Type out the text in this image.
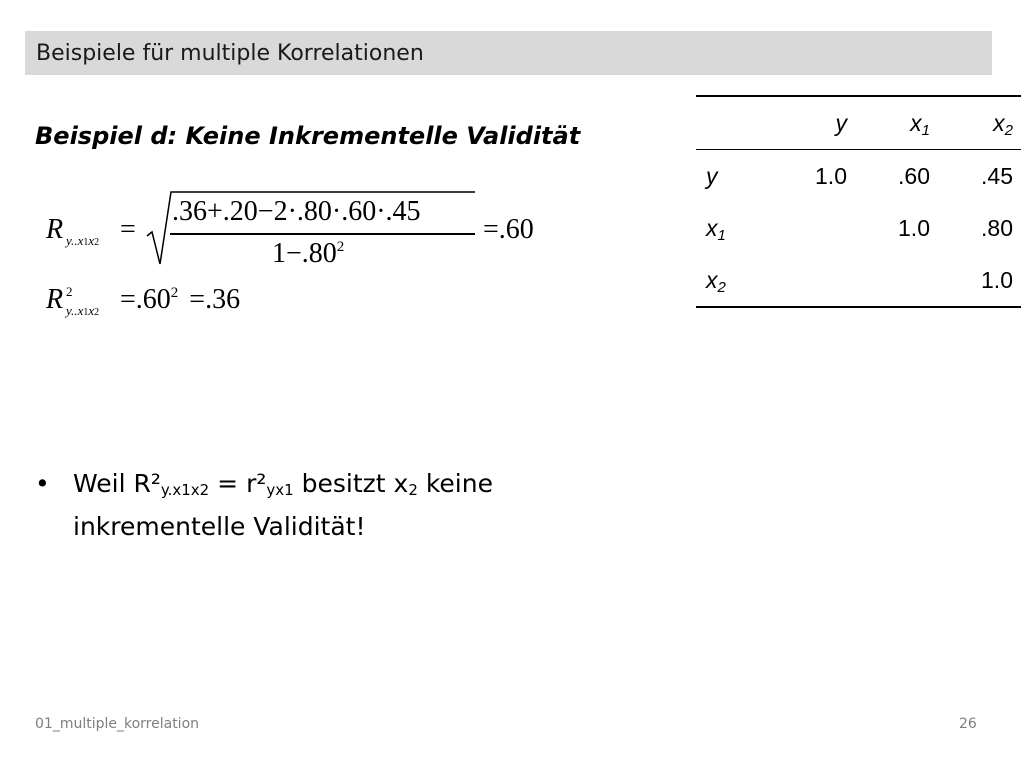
Beispiele für multiple Korrelationen
Beispiel d: Keine Inkrementelle Validität
R y..x1x2 =
.36+.20−2·.80·.60·.45
$1-.80^2$
=.60
R 2
$y..x1x2 =.60^2 =.36$
	y	$x_1$	$x_2$
y	1.0	.60	.45
$x_1$		1.0	.80
$x_2$			1.0
• Weil $R^2_{y.x1x2} = r^2_{yx1}$ besitzt $x_2$ keine inkrementelle Validität!
01_multiple_korrelation	26
